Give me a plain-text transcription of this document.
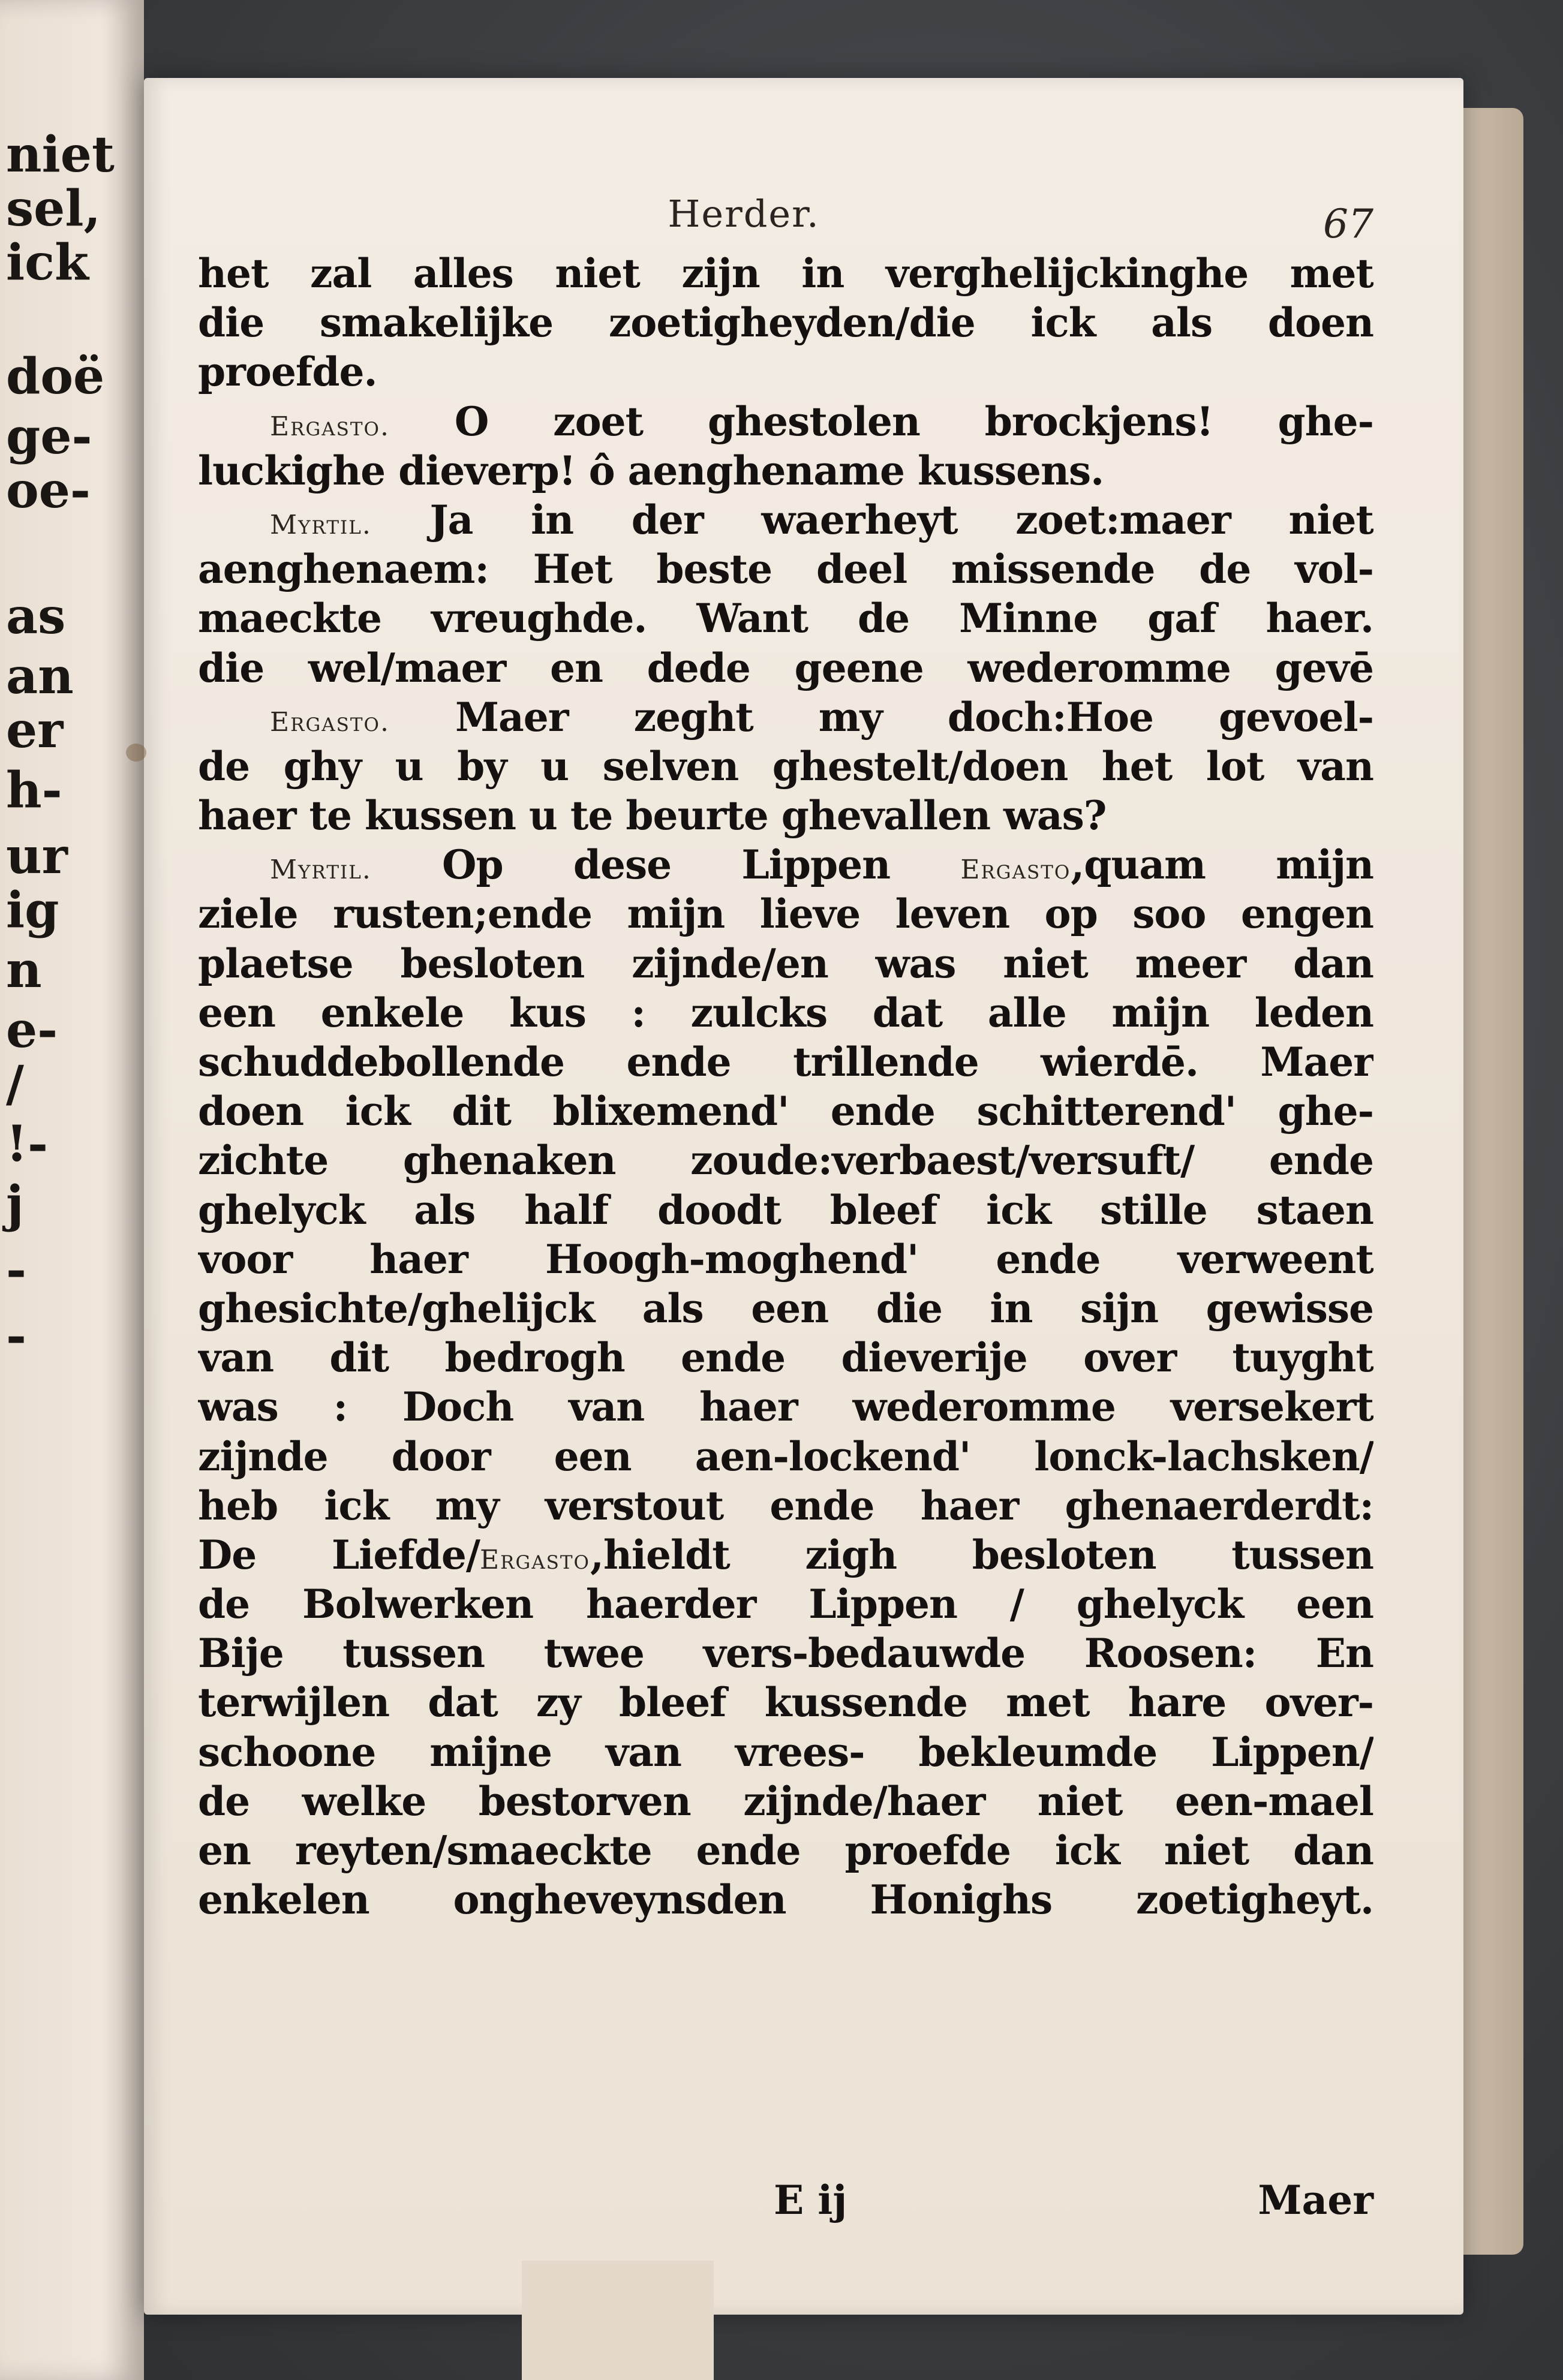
niet
sel,
ick
doë
ge-
oe-
as
an
er
h-
ur
ig
n
e-
/
!-
j
-
-
Herder.	67
het zal alles niet zijn in verghelijckinghe met
die smakelijke zoetigheyden/die ick als doen
proefde.
Ergasto. O zoet ghestolen brockjens! ghe-
luckighe dieverp! ô aenghename kussens.
Myrtil. Ja in der waerheyt zoet:maer niet
aenghenaem: Het beste deel missende de vol-
maeckte vreughde. Want de Minne gaf haer.
die wel/maer en dede geene wederomme gevē
Ergasto. Maer zeght my doch:Hoe gevoel-
de ghy u by u selven ghestelt/doen het lot van
haer te kussen u te beurte ghevallen was?
Myrtil. Op dese Lippen Ergasto,quam mijn
ziele rusten;ende mijn lieve leven op soo engen
plaetse besloten zijnde/en was niet meer dan
een enkele kus : zulcks dat alle mijn leden
schuddebollende ende trillende wierdē. Maer
doen ick dit blixemend' ende schitterend' ghe-
zichte ghenaken zoude:verbaest/versuft/ ende
ghelyck als half doodt bleef ick stille staen
voor haer Hoogh-moghend' ende verweent
ghesichte/ghelijck als een die in sijn gewisse
van dit bedrogh ende dieverije over tuyght
was : Doch van haer wederomme versekert
zijnde door een aen-lockend' lonck-lachsken/
heb ick my verstout ende haer ghenaerderdt:
De Liefde/Ergasto,hieldt zigh besloten tussen
de Bolwerken haerder Lippen / ghelyck een
Bije tussen twee vers-bedauwde Roosen: En
terwijlen dat zy bleef kussende met hare over-
schoone mijne van vrees- bekleumde Lippen/
de welke bestorven zijnde/haer niet een-mael
en reyten/smaeckte ende proefde ick niet dan
enkelen ongheveynsden Honighs zoetigheyt.
E ij	Maer
